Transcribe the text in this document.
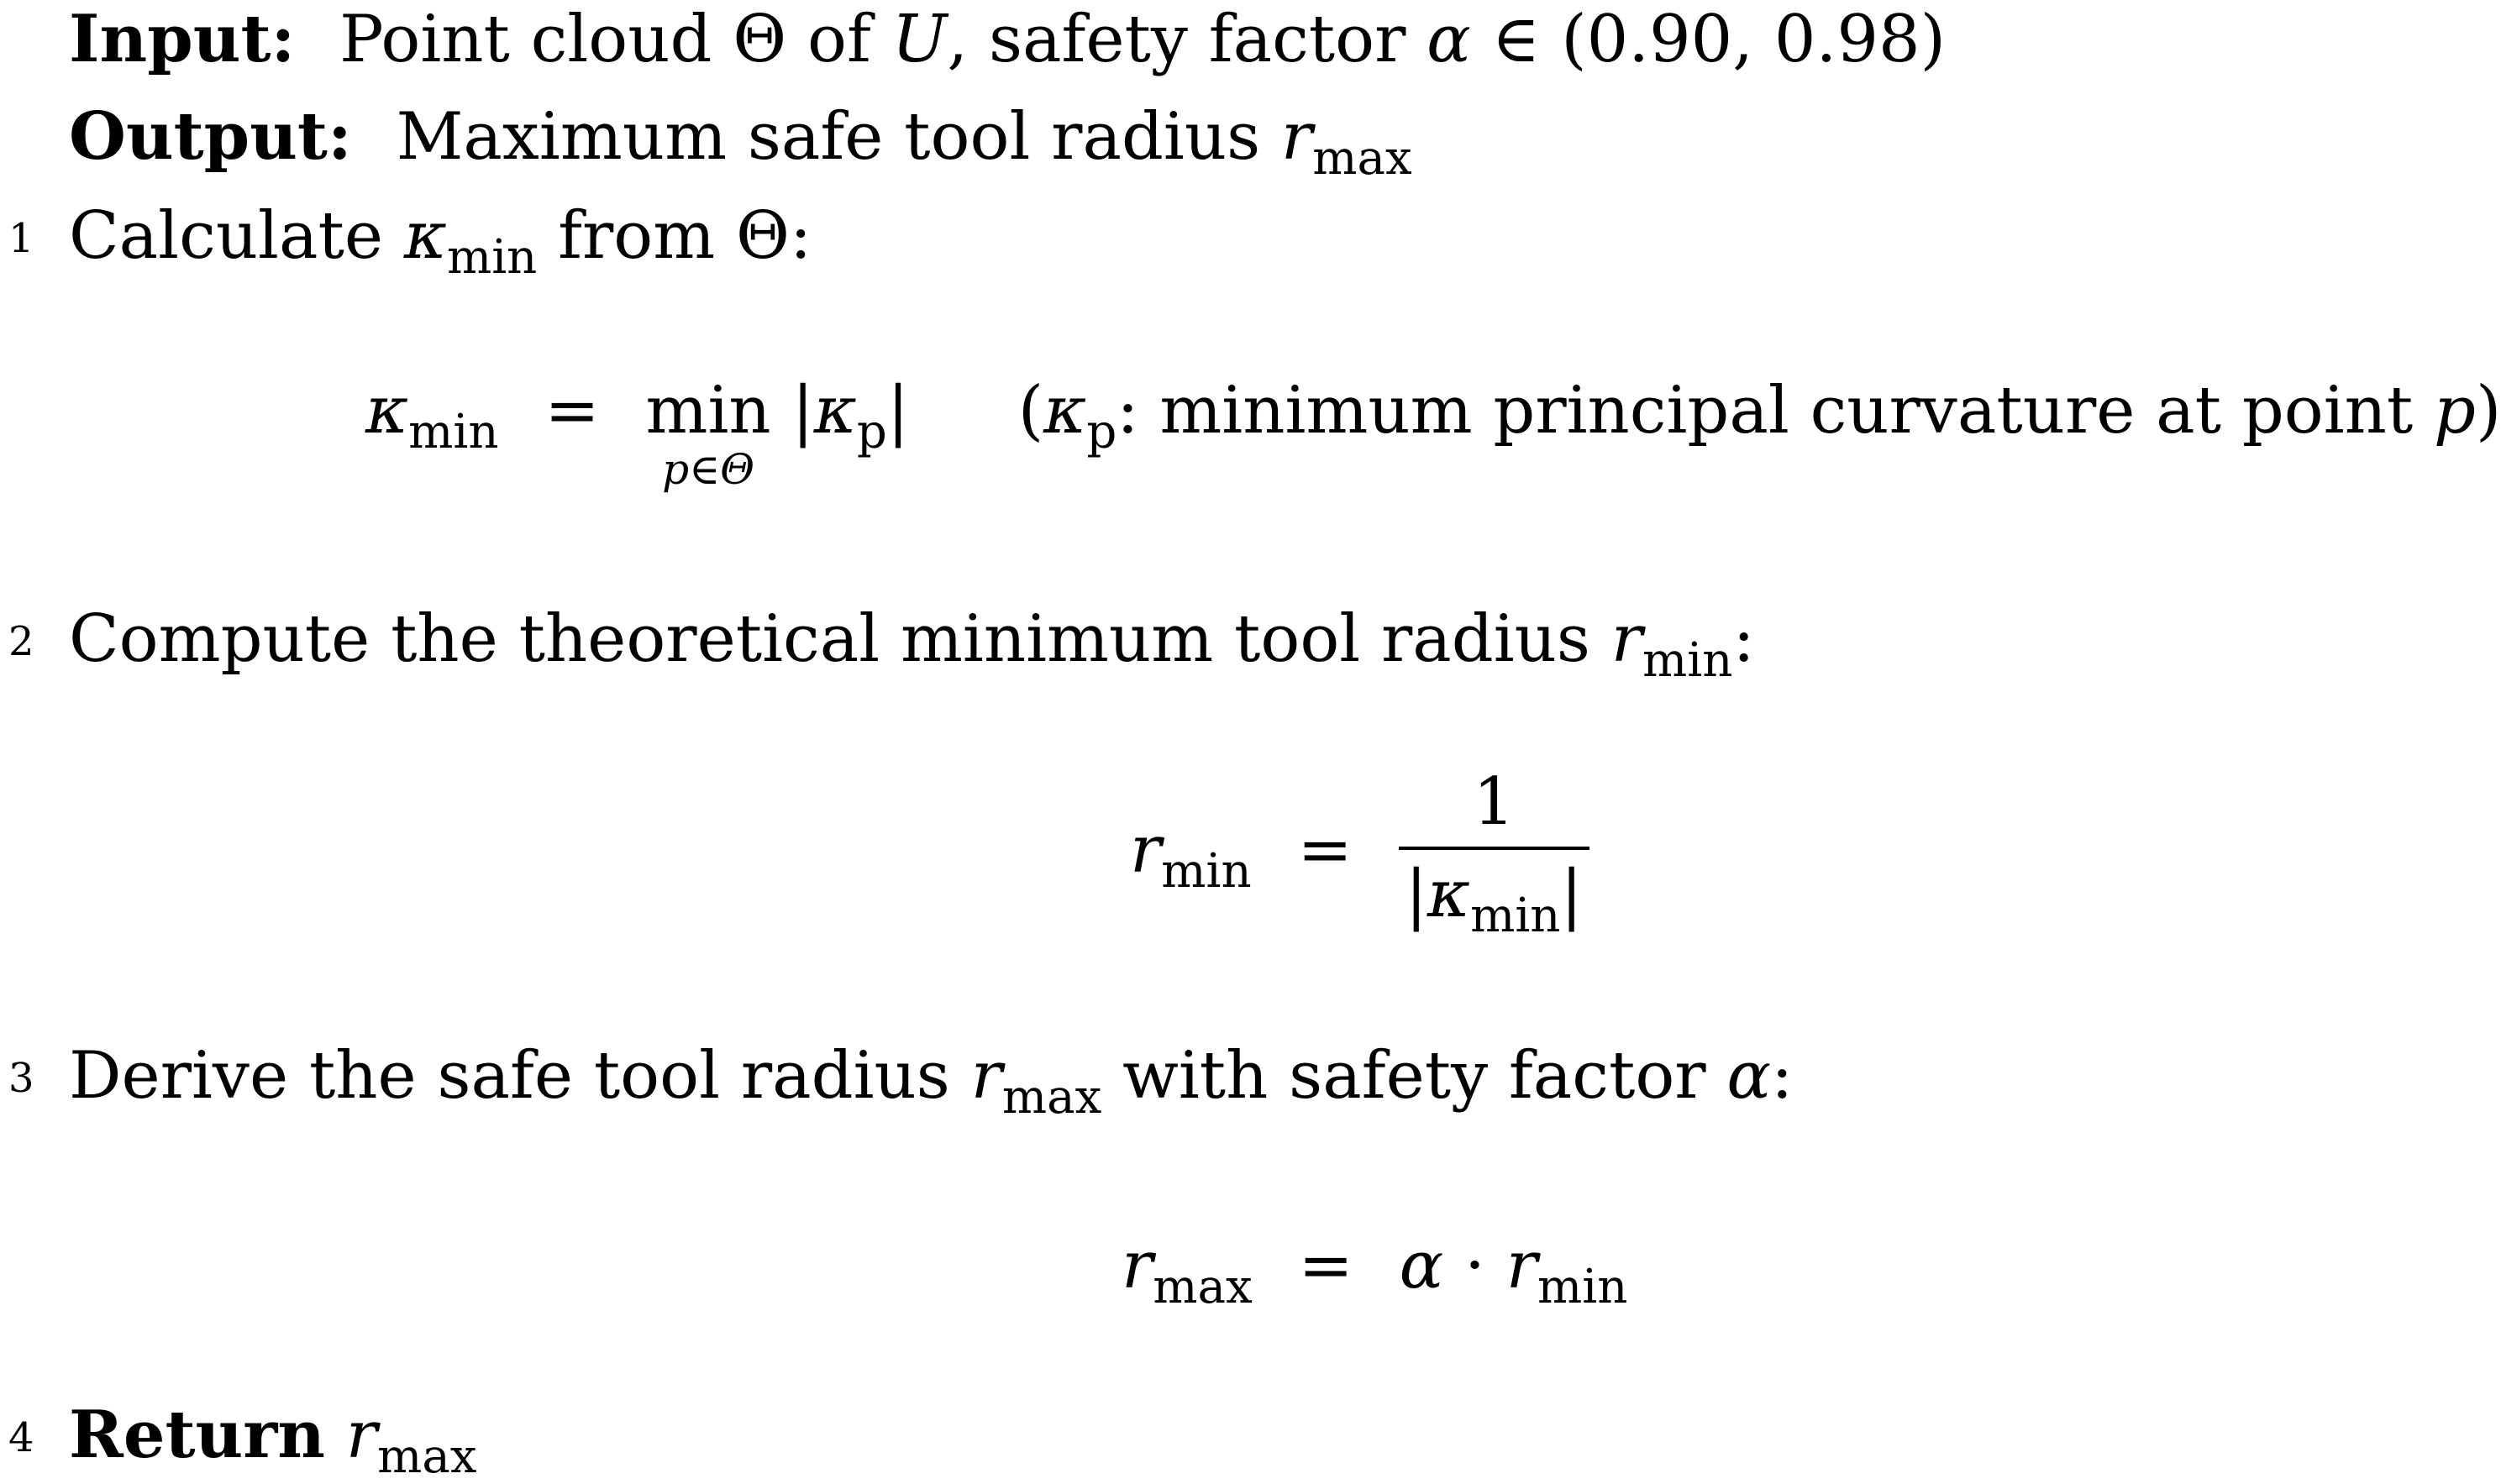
Input: Point cloud Θ of U, safety factor α ∈ (0.90, 0.98)
Output: Maximum safe tool radius $r_{max}$
1 Calculate $\kappa_{min}$ from Θ:
$\kappa_{min} = \min$
p∈Θ
$|\kappa_p|$ ($\kappa_p$: minimum principal curvature at point p)
2 Compute the theoretical minimum tool radius $r_{min}$:
$r_{min} = \frac{1}{|\kappa_{min}|}$
3 Derive the safe tool radius $r_{max}$ with safety factor α:
$r_{max} = \alpha \cdot r_{min}$
4 Return $r_{max}$
